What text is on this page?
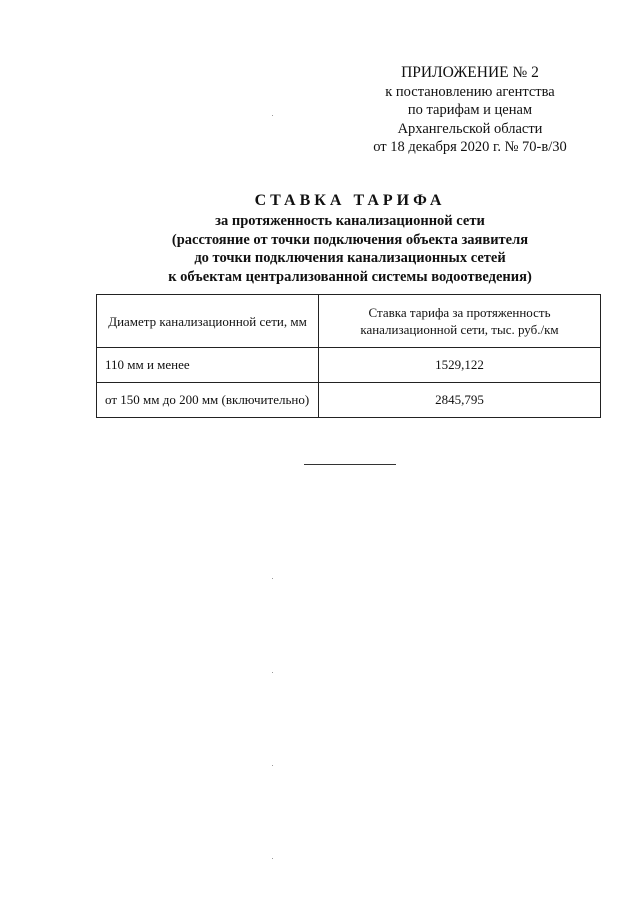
ПРИЛОЖЕНИЕ № 2
к постановлению агентства
по тарифам и ценам
Архангельской области
от 18 декабря 2020 г. № 70-в/30
СТАВКА ТАРИФА
за протяженность канализационной сети
(расстояние от точки подключения объекта заявителя
до точки подключения канализационных сетей
к объектам централизованной системы водоотведения)
Диаметр канализационной сети, мм	Ставка тарифа за протяженность канализационной сети, тыс. руб./км
110 мм и менее	1529,122
от 150 мм до 200 мм (включительно)	2845,795
